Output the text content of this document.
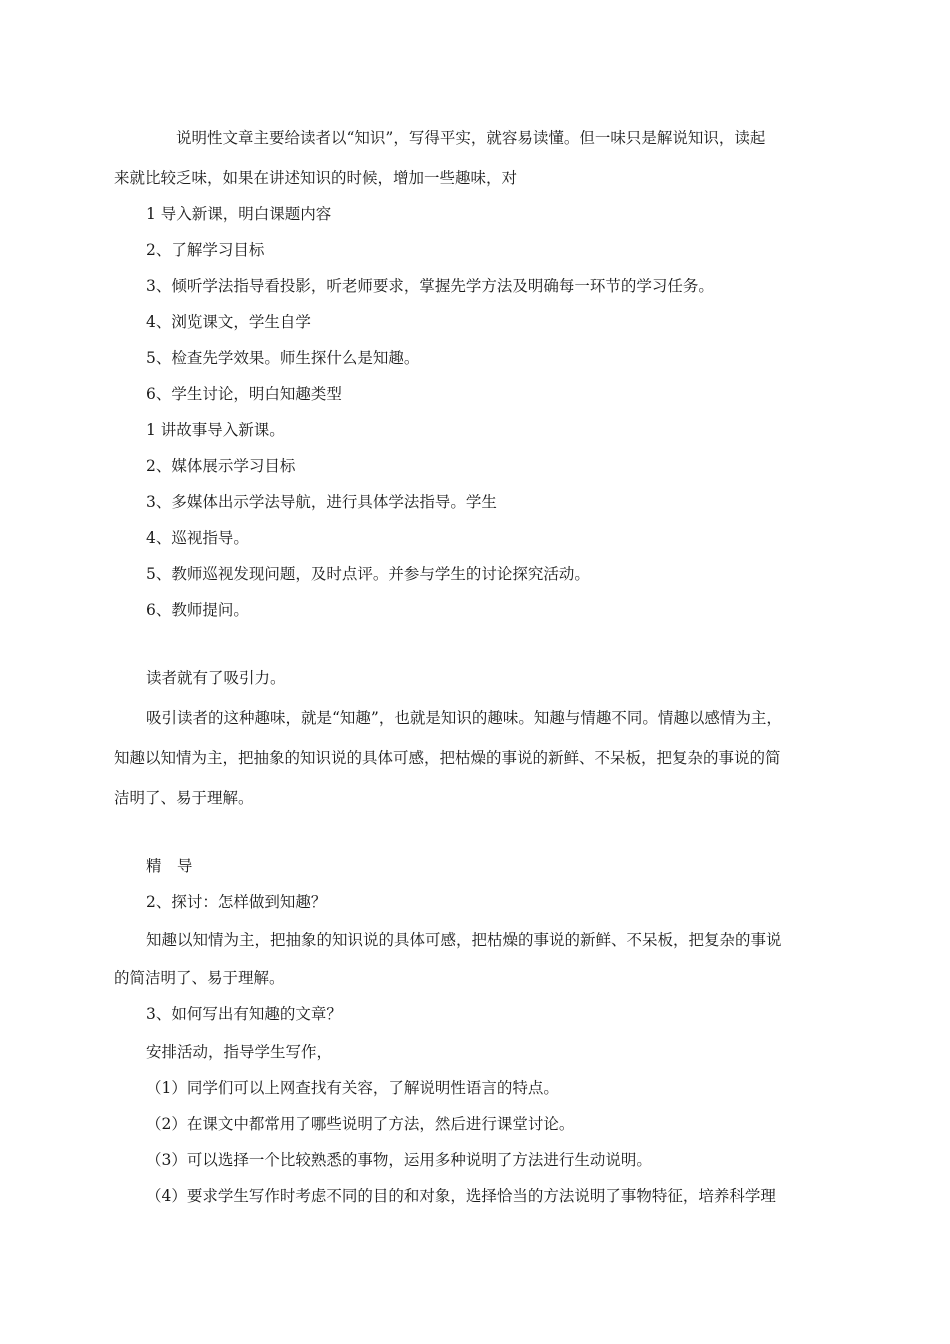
说明性文章主要给读者以“知识”，写得平实，就容易读懂。但一味只是解说知识，读起
来就比较乏味，如果在讲述知识的时候，增加一些趣味，对
1 导入新课，明白课题内容
2、了解学习目标
3、倾听学法指导看投影，听老师要求，掌握先学方法及明确每一环节的学习任务。
4、浏览课文，学生自学
5、检查先学效果。师生探什么是知趣。
6、学生讨论，明白知趣类型
1 讲故事导入新课。
2、媒体展示学习目标
3、多媒体出示学法导航，进行具体学法指导。学生
4、巡视指导。
5、教师巡视发现问题，及时点评。并参与学生的讨论探究活动。
6、教师提问。
读者就有了吸引力。
吸引读者的这种趣味，就是“知趣”，也就是知识的趣味。知趣与情趣不同。情趣以感情为主，
知趣以知情为主，把抽象的知识说的具体可感，把枯燥的事说的新鲜、不呆板，把复杂的事说的简
洁明了、易于理解。
精　导
2、探讨：怎样做到知趣？
知趣以知情为主，把抽象的知识说的具体可感，把枯燥的事说的新鲜、不呆板，把复杂的事说
的简洁明了、易于理解。
3、如何写出有知趣的文章？
安排活动，指导学生写作，
（1）同学们可以上网查找有关容，了解说明性语言的特点。
（2）在课文中都常用了哪些说明了方法，然后进行课堂讨论。
（3）可以选择一个比较熟悉的事物，运用多种说明了方法进行生动说明。
（4）要求学生写作时考虑不同的目的和对象，选择恰当的方法说明了事物特征，培养科学理
